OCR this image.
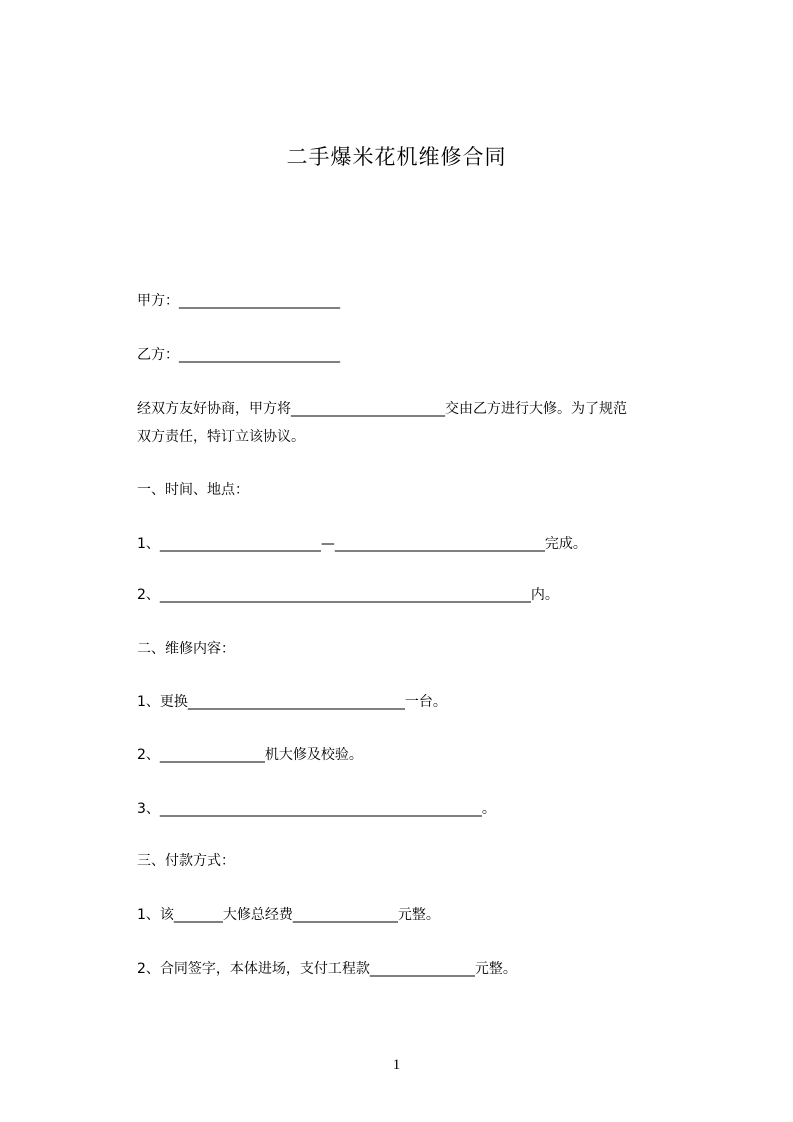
二手爆米花机维修合同
甲方：_______________________
乙方：_______________________
经双方友好协商，甲方将______________________交由乙方进行大修。为了规范
双方责任，特订立该协议。
一、时间、地点：
1、_______________________—______________________________完成。
2、_____________________________________________________内。
二、维修内容：
1、更换_______________________________一台。
2、_______________机大修及校验。
3、______________________________________________。
三、付款方式：
1、该_______大修总经费_______________元整。
2、合同签字，本体进场，支付工程款_______________元整。
1
